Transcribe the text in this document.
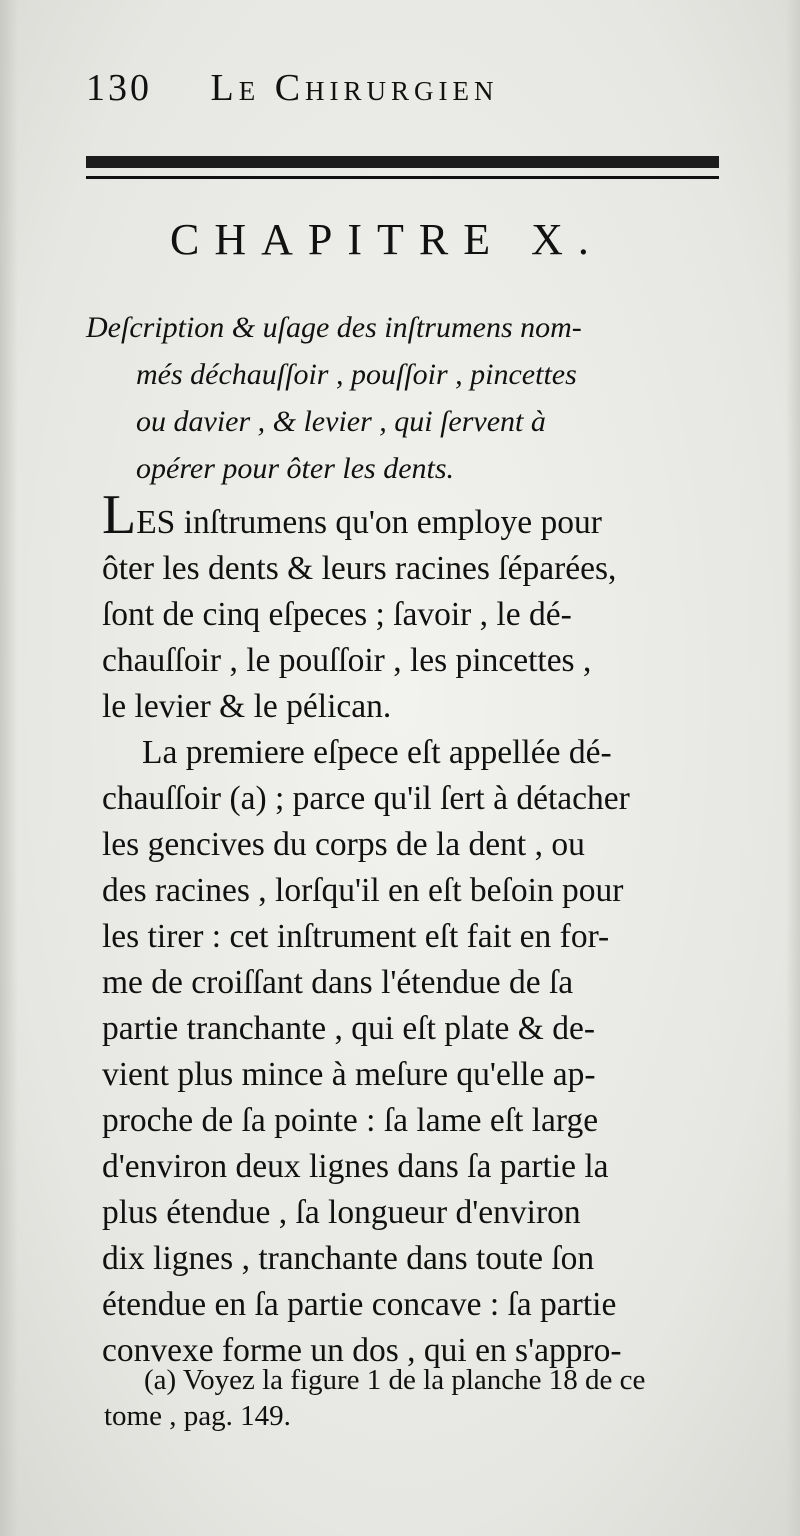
130 Le Chirurgien
CHAPITRE X.
Deſcription & uſage des inſtrumens nom-
més déchauſſoir , pouſſoir , pincettes
ou davier , & levier , qui ſervent à
opérer pour ôter les dents.
LES inſtrumens qu'on employe pour
ôter les dents & leurs racines ſéparées,
ſont de cinq eſpeces ; ſavoir , le dé-
chauſſoir , le pouſſoir , les pincettes ,
le levier & le pélican.
La premiere eſpece eſt appellée dé-
chauſſoir (a) ; parce qu'il ſert à détacher
les gencives du corps de la dent , ou
des racines , lorſqu'il en eſt beſoin pour
les tirer : cet inſtrument eſt fait en for-
me de croiſſant dans l'étendue de ſa
partie tranchante , qui eſt plate & de-
vient plus mince à meſure qu'elle ap-
proche de ſa pointe : ſa lame eſt large
d'environ deux lignes dans ſa partie la
plus étendue , ſa longueur d'environ
dix lignes , tranchante dans toute ſon
étendue en ſa partie concave : ſa partie
convexe forme un dos , qui en s'appro-
(a) Voyez la figure 1 de la planche 18 de ce
tome , pag. 149.
